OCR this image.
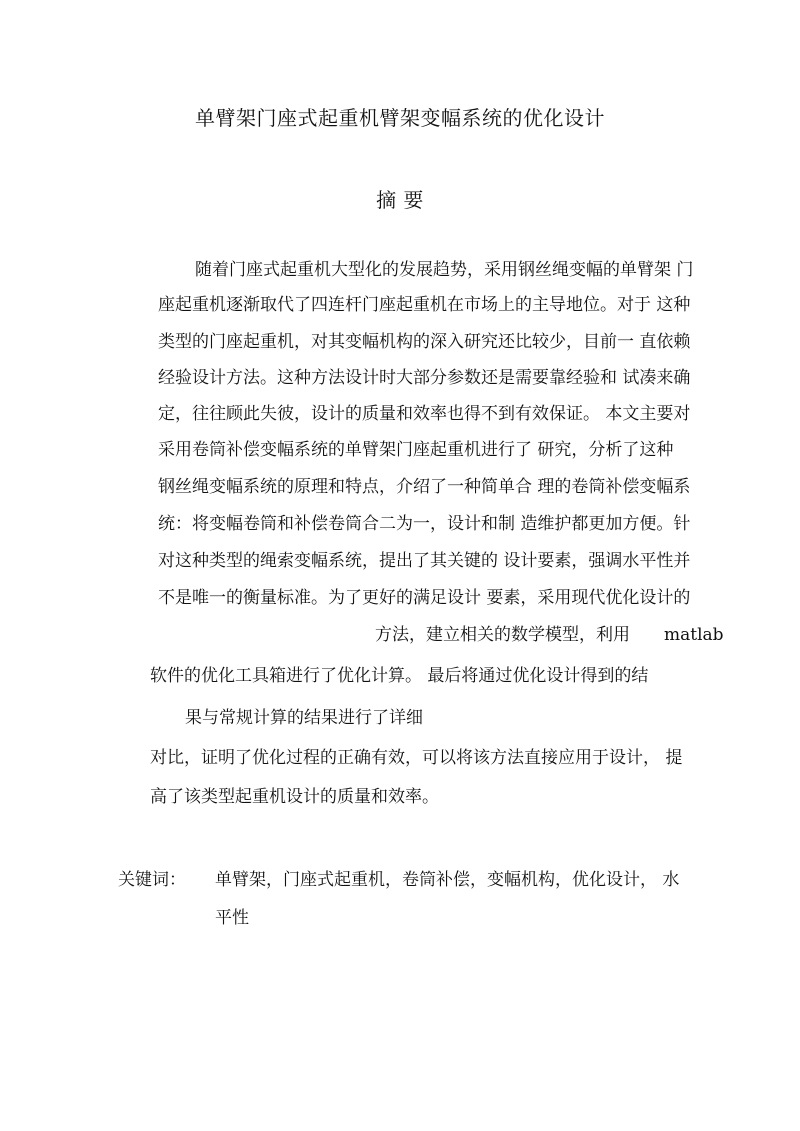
单臂架门座式起重机臂架变幅系统的优化设计
摘 要
随着门座式起重机大型化的发展趋势，采用钢丝绳变幅的单臂架 门
座起重机逐渐取代了四连杆门座起重机在市场上的主导地位。对于 这种
类型的门座起重机，对其变幅机构的深入研究还比较少，目前一 直依赖
经验设计方法。这种方法设计时大部分参数还是需要靠经验和 试凑来确
定，往往顾此失彼，设计的质量和效率也得不到有效保证。 本文主要对
采用卷筒补偿变幅系统的单臂架门座起重机进行了 研究，分析了这种
钢丝绳变幅系统的原理和特点，介绍了一种简单合 理的卷筒补偿变幅系
统：将变幅卷筒和补偿卷筒合二为一，设计和制 造维护都更加方便。针
对这种类型的绳索变幅系统，提出了其关键的 设计要素，强调水平性并
不是唯一的衡量标准。为了更好的满足设计 要素，采用现代优化设计的
方法，建立相关的数学模型，利用　　matlab
软件的优化工具箱进行了优化计算。 最后将通过优化设计得到的结
果与常规计算的结果进行了详细
对比，证明了优化过程的正确有效，可以将该方法直接应用于设计， 提
高了该类型起重机设计的质量和效率。
关键词： 单臂架，门座式起重机，卷筒补偿，变幅机构，优化设计， 水
平性
